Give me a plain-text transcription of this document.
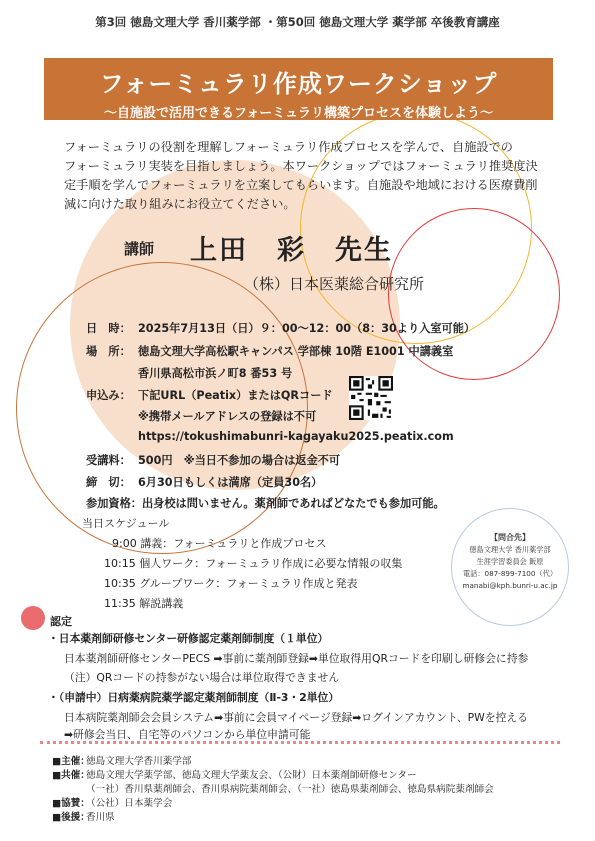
第3回 徳島文理大学 香川薬学部 ・第50回 徳島文理大学 薬学部 卒後教育講座
フォーミュラリ作成ワークショップ
～自施設で活用できるフォーミュラリ構築プロセスを体験しよう～
フォーミュラリの役割を理解しフォーミュラリ作成プロセスを学んで、自施設での
フォーミュラリ実装を目指しましょう。本ワークショップではフォーミュラリ推奨度決
定手順を学んでフォーミュラリを立案してもらいます。自施設や地域における医療費削
減に向けた取り組みにお役立てください。
講師 上田　彩　先生
（株）日本医薬総合研究所
日　時： 2025年7月13日（日）９：00～12：00（8：30より入室可能）
場　所： 徳島文理大学高松駅キャンパス 学部棟 10階 E1001 中講義室
香川県高松市浜ノ町8 番53 号
申込み： 下記URL（Peatix）またはQRコード
※携帯メールアドレスの登録は不可
https://tokushimabunri-kagayaku2025.peatix.com
受講料： 500円　※当日不参加の場合は返金不可
締　切： 6月30日もしくは満席（定員30名）
参加資格：出身校は問いません。薬剤師であればどなたでも参加可能。
当日スケジュール
9:00 講義：フォーミュラリと作成プロセス
10:15 個人ワーク：フォーミュラリ作成に必要な情報の収集
10:35 グループワーク：フォーミュラリ作成と発表
11:35 解説講義
【問合先】
徳島文理大学 香川薬学部
生涯学習委員会 飯原
電話：087-899-7100（代）
manabi@kph.bunri-u.ac.jp
認定
・日本薬剤師研修センター研修認定薬剤師制度（１単位）
日本薬剤師研修センターPECS ➡事前に薬剤師登録➡単位取得用QRコードを印刷し研修会に持参
（注）QRコードの持参がない場合は単位取得できません
・（申請中）日病薬病院薬学認定薬剤師制度（Ⅱ-3・2単位）
日本病院薬剤師会会員システム➡事前に会員マイページ登録➡ログインアカウント、PWを控える
➡研修会当日、自宅等のパソコンから単位申請可能
■主催：徳島文理大学香川薬学部
■共催：徳島文理大学薬学部、徳島文理大学薬友会、（公財）日本薬剤師研修センター
（一社）香川県薬剤師会、香川県病院薬剤師会、（一社）徳島県薬剤師会、徳島県病院薬剤師会
■協賛：（公社）日本薬学会
■後援：香川県
